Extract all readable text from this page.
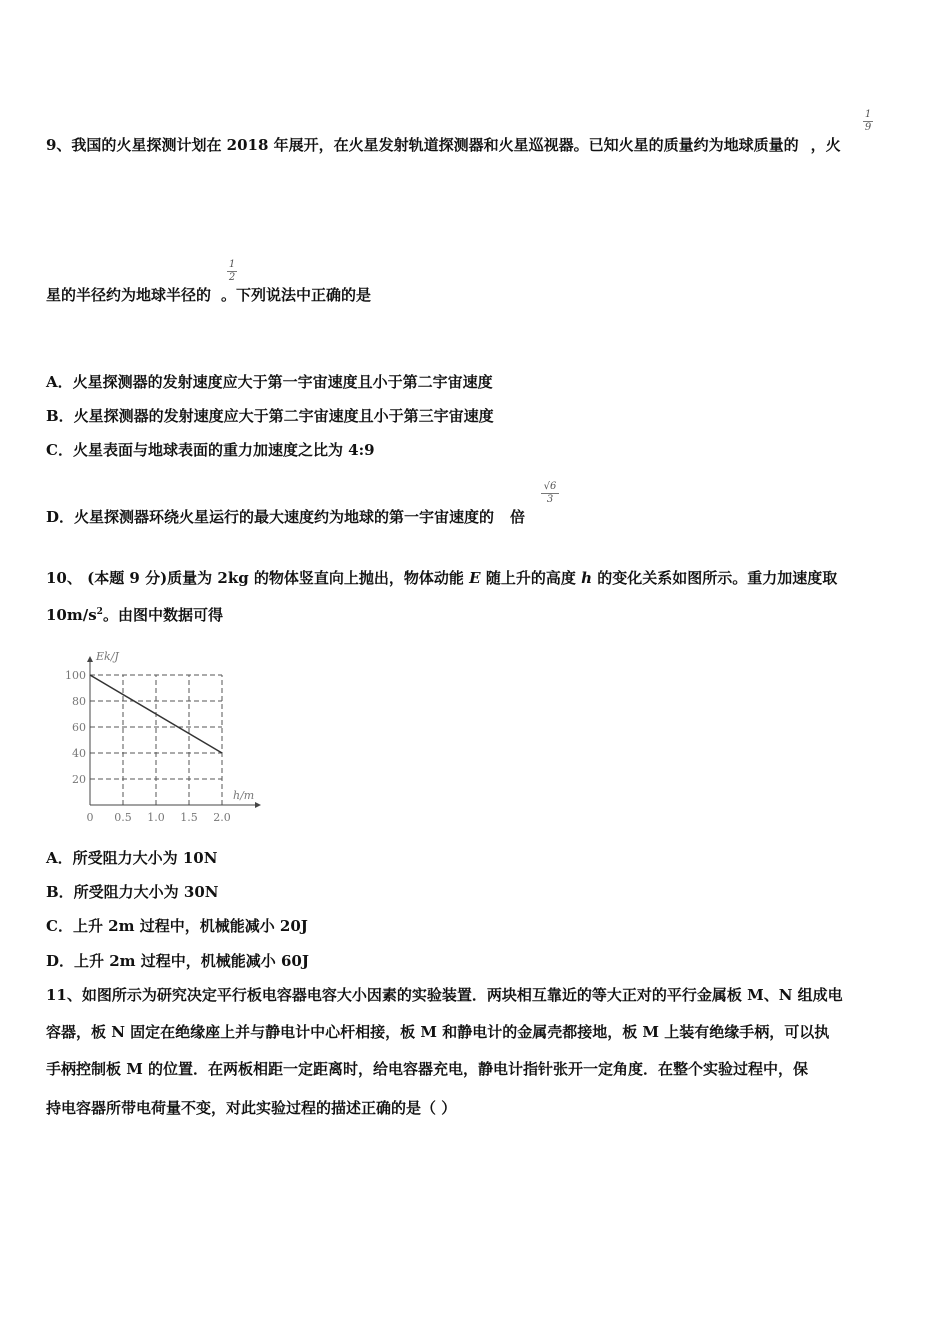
9、我国的火星探测计划在 2018 年展开，在火星发射轨道探测器和火星巡视器。已知火星的质量约为地球质量的 ，火
1
9
星的半径约为地球半径的 。下列说法中正确的是
1
2
A．火星探测器的发射速度应大于第一宇宙速度且小于第二宇宙速度
B．火星探测器的发射速度应大于第二宇宙速度且小于第三宇宙速度
C．火星表面与地球表面的重力加速度之比为 4:9
D．火星探测器环绕火星运行的最大速度约为地球的第一宇宙速度的 倍
√6
3
10、 (本题 9 分)质量为 2kg 的物体竖直向上抛出，物体动能 E 随上升的高度 h 的变化关系如图所示。重力加速度取
$10m/s^2$。由图中数据可得
20
40
60
80
100
0 0.5 1.0 1.5 2.0
Ek/J
h/m
A．所受阻力大小为 10N
B．所受阻力大小为 30N
C．上升 2m 过程中，机械能减小 20J
D．上升 2m 过程中，机械能减小 60J
11、如图所示为研究决定平行板电容器电容大小因素的实验装置．两块相互靠近的等大正对的平行金属板 M、N 组成电
容器，板 N 固定在绝缘座上并与静电计中心杆相接，板 M 和静电计的金属壳都接地，板 M 上装有绝缘手柄，可以执
手柄控制板 M 的位置．在两板相距一定距离时，给电容器充电，静电计指针张开一定角度．在整个实验过程中，保
持电容器所带电荷量不变，对此实验过程的描述正确的是（ ）
